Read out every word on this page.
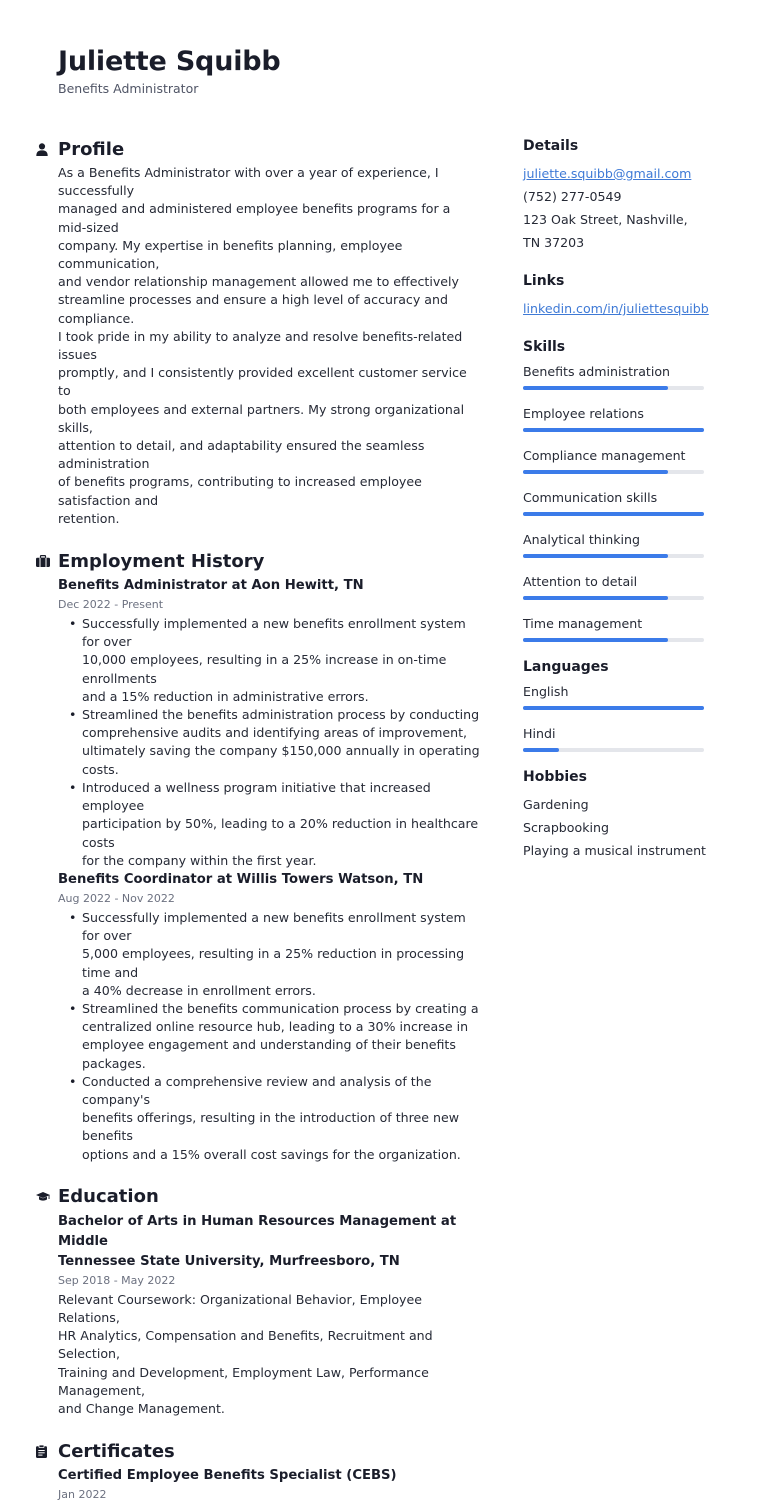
Juliette Squibb
Benefits Administrator
Profile
As a Benefits Administrator with over a year of experience, I successfully
managed and administered employee benefits programs for a mid-sized
company. My expertise in benefits planning, employee communication,
and vendor relationship management allowed me to effectively
streamline processes and ensure a high level of accuracy and compliance.
I took pride in my ability to analyze and resolve benefits-related issues
promptly, and I consistently provided excellent customer service to
both employees and external partners. My strong organizational skills,
attention to detail, and adaptability ensured the seamless administration
of benefits programs, contributing to increased employee satisfaction and
retention.
Employment History
Benefits Administrator at Aon Hewitt, TN
Dec 2022 - Present
• Successfully implemented a new benefits enrollment system for over
10,000 employees, resulting in a 25% increase in on-time enrollments
and a 15% reduction in administrative errors.
• Streamlined the benefits administration process by conducting
comprehensive audits and identifying areas of improvement,
ultimately saving the company $150,000 annually in operating costs.
• Introduced a wellness program initiative that increased employee
participation by 50%, leading to a 20% reduction in healthcare costs
for the company within the first year.
Benefits Coordinator at Willis Towers Watson, TN
Aug 2022 - Nov 2022
• Successfully implemented a new benefits enrollment system for over
5,000 employees, resulting in a 25% reduction in processing time and
a 40% decrease in enrollment errors.
• Streamlined the benefits communication process by creating a
centralized online resource hub, leading to a 30% increase in
employee engagement and understanding of their benefits packages.
• Conducted a comprehensive review and analysis of the company's
benefits offerings, resulting in the introduction of three new benefits
options and a 15% overall cost savings for the organization.
Education
Bachelor of Arts in Human Resources Management at Middle
Tennessee State University, Murfreesboro, TN
Sep 2018 - May 2022
Relevant Coursework: Organizational Behavior, Employee Relations,
HR Analytics, Compensation and Benefits, Recruitment and Selection,
Training and Development, Employment Law, Performance Management,
and Change Management.
Certificates
Certified Employee Benefits Specialist (CEBS)
Jan 2022
Details
juliette.squibb@gmail.com
(752) 277-0549
123 Oak Street, Nashville, TN 37203
Links
linkedin.com/in/juliettesquibb
Skills
Benefits administration
Employee relations
Compliance management
Communication skills
Analytical thinking
Attention to detail
Time management
Languages
English
Hindi
Hobbies
Gardening
Scrapbooking
Playing a musical instrument
